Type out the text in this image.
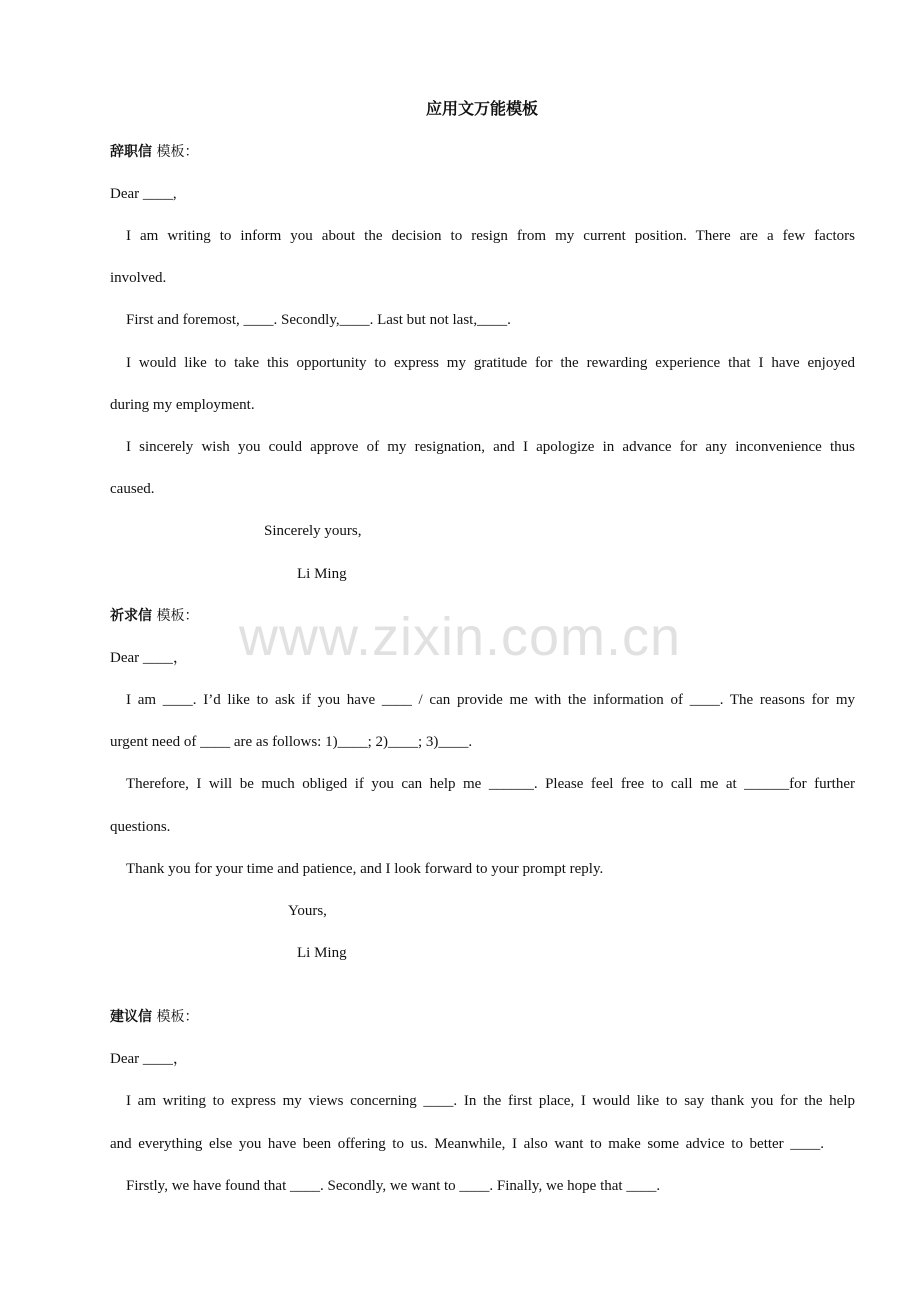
www.zixin.com.cn
应用文万能模板
辞职信 模板：
Dear ____,
I am writing to inform you about the decision to resign from my current position. There are a few factors
involved.
First and foremost, ____. Secondly,____. Last but not last,____.
I would like to take this opportunity to express my gratitude for the rewarding experience that I have enjoyed
during my employment.
I sincerely wish you could approve of my resignation, and I apologize in advance for any inconvenience thus
caused.
Sincerely yours,
Li Ming
祈求信 模板：
Dear ____，
I am ____. I’d like to ask if you have ____ / can provide me with the information of ____. The reasons for my
urgent need of ____ are as follows: 1)____; 2)____; 3)____.
Therefore, I will be much obliged if you can help me ______. Please feel free to call me at ______for further
questions.
Thank you for your time and patience, and I look forward to your prompt reply.
Yours,
Li Ming
建议信 模板：
Dear ____，
I am writing to express my views concerning ____. In the first place, I would like to say thank you for the help
and everything else you have been offering to us. Meanwhile, I also want to make some advice to better ____.
Firstly, we have found that ____. Secondly, we want to ____. Finally, we hope that ____.
